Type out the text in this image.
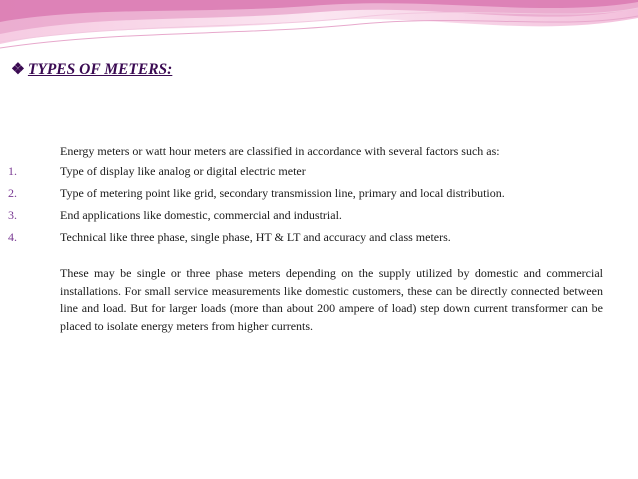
❖ TYPES OF METERS:
Energy meters or watt hour meters are classified in accordance with several factors such as:
1.	Type of display like analog or digital electric meter
2.	Type of metering point like grid, secondary transmission line, primary and local distribution.
3.	End applications like domestic, commercial and industrial.
4.	Technical like three phase, single phase, HT & LT and accuracy and class meters.
These may be single or three phase meters depending on the supply utilized by domestic and commercial installations. For small service measurements like domestic customers, these can be directly connected between line and load. But for larger loads (more than about 200 ampere of load) step down current transformer can be placed to isolate energy meters from higher currents.
